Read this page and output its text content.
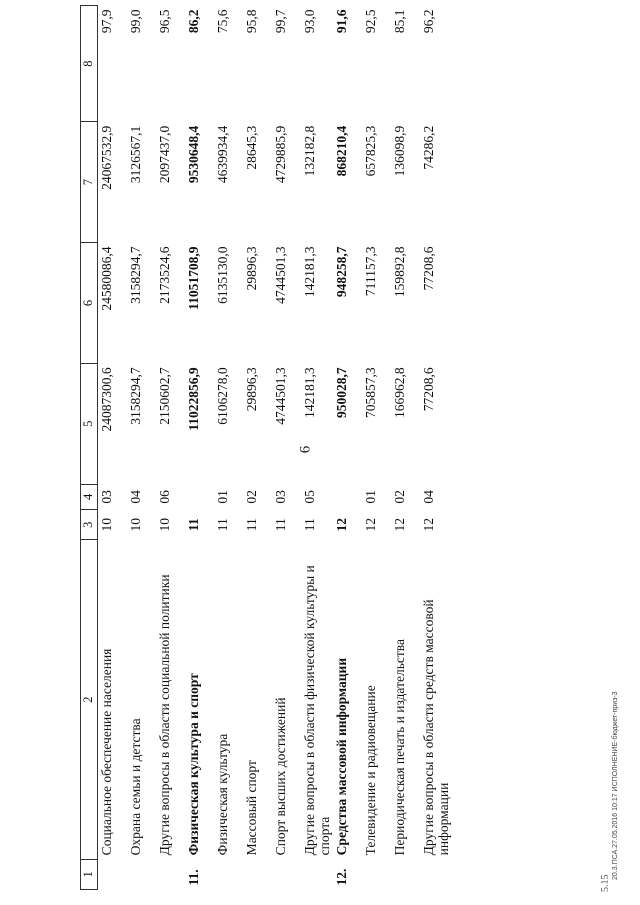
6
1	2	3	4	5	6	7	8
	Социальное обеспечение населения	10	03	24087300,6	24580086,4	24067532,9	97,9
	Охрана семьи и детства	10	04	3158294,7	3158294,7	3126567,1	99,0
	Другие вопросы в области социальной политики	10	06	2150602,7	2173524,6	2097437,0	96,5
11.	Физическая культура и спорт	11		11022856,9	11051708,9	9530648,4	86,2
	Физическая культура	11	01	6106278,0	6135130,0	4639934,4	75,6
	Массовый спорт	11	02	29896,3	29896,3	28645,3	95,8
	Спорт высших достижений	11	03	4744501,3	4744501,3	4729885,9	99,7
	Другие вопросы в области физической культуры и спорта	11	05	142181,3	142181,3	132182,8	93,0
12.	Средства массовой информации	12		950028,7	948258,7	868210,4	91,6
	Телевидение и радиовещание	12	01	705857,3	711157,3	657825,3	92,5
	Периодическая печать и издательства	12	02	166962,8	159892,8	136098,9	85,1
	Другие вопросы в области средств массовой информации	12	04	77208,6	77208,6	74286,2	96,2
20.3.ПСА.27.05.2016 10:17 ИСПОЛНЕНИЕ-бюджет-приз-3
5.15
